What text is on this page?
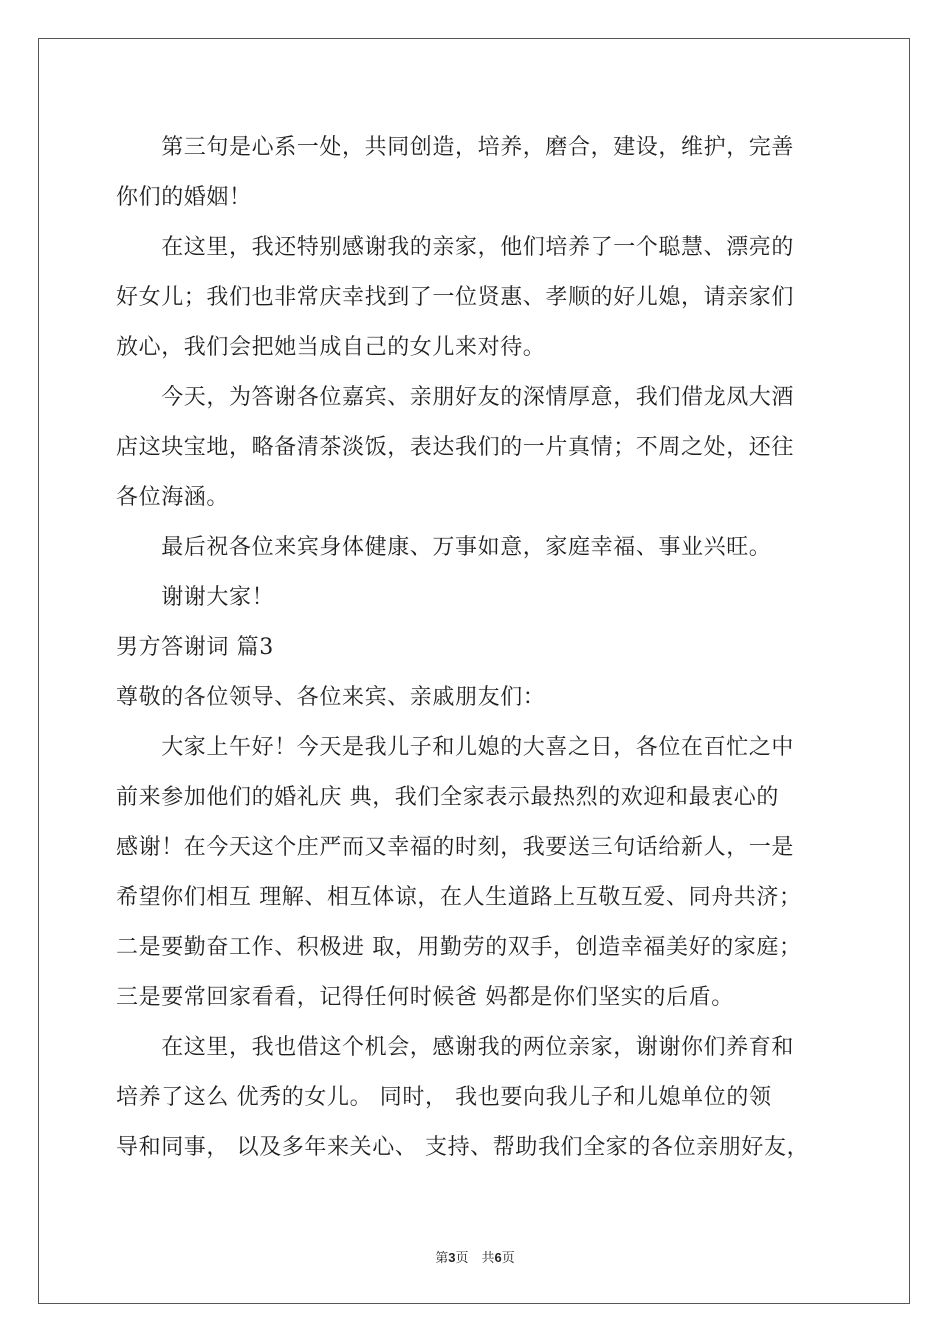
　　第三句是心系一处，共同创造，培养，磨合，建设，维护，完善

你们的婚姻！

　　在这里，我还特别感谢我的亲家，他们培养了一个聪慧、漂亮的

好女儿；我们也非常庆幸找到了一位贤惠、孝顺的好儿媳，请亲家们

放心，我们会把她当成自己的女儿来对待。

　　今天，为答谢各位嘉宾、亲朋好友的深情厚意，我们借龙凤大酒

店这块宝地，略备清茶淡饭，表达我们的一片真情；不周之处，还往

各位海涵。

　　最后祝各位来宾身体健康、万事如意，家庭幸福、事业兴旺。

　　谢谢大家！

男方答谢词 篇3

尊敬的各位领导、各位来宾、亲戚朋友们：

　　大家上午好！今天是我儿子和儿媳的大喜之日，各位在百忙之中

前来参加他们的婚礼庆 典，我们全家表示最热烈的欢迎和最衷心的

感谢！在今天这个庄严而又幸福的时刻，我要送三句话给新人，一是

希望你们相互 理解、相互体谅，在人生道路上互敬互爱、同舟共济；

二是要勤奋工作、积极进 取，用勤劳的双手，创造幸福美好的家庭；

三是要常回家看看，记得任何时候爸 妈都是你们坚实的后盾。

　　在这里，我也借这个机会，感谢我的两位亲家，谢谢你们养育和

培养了这么 优秀的女儿。 同时， 我也要向我儿子和儿媳单位的领

导和同事， 以及多年来关心、 支持、帮助我们全家的各位亲朋好友，

第3页　共6页
